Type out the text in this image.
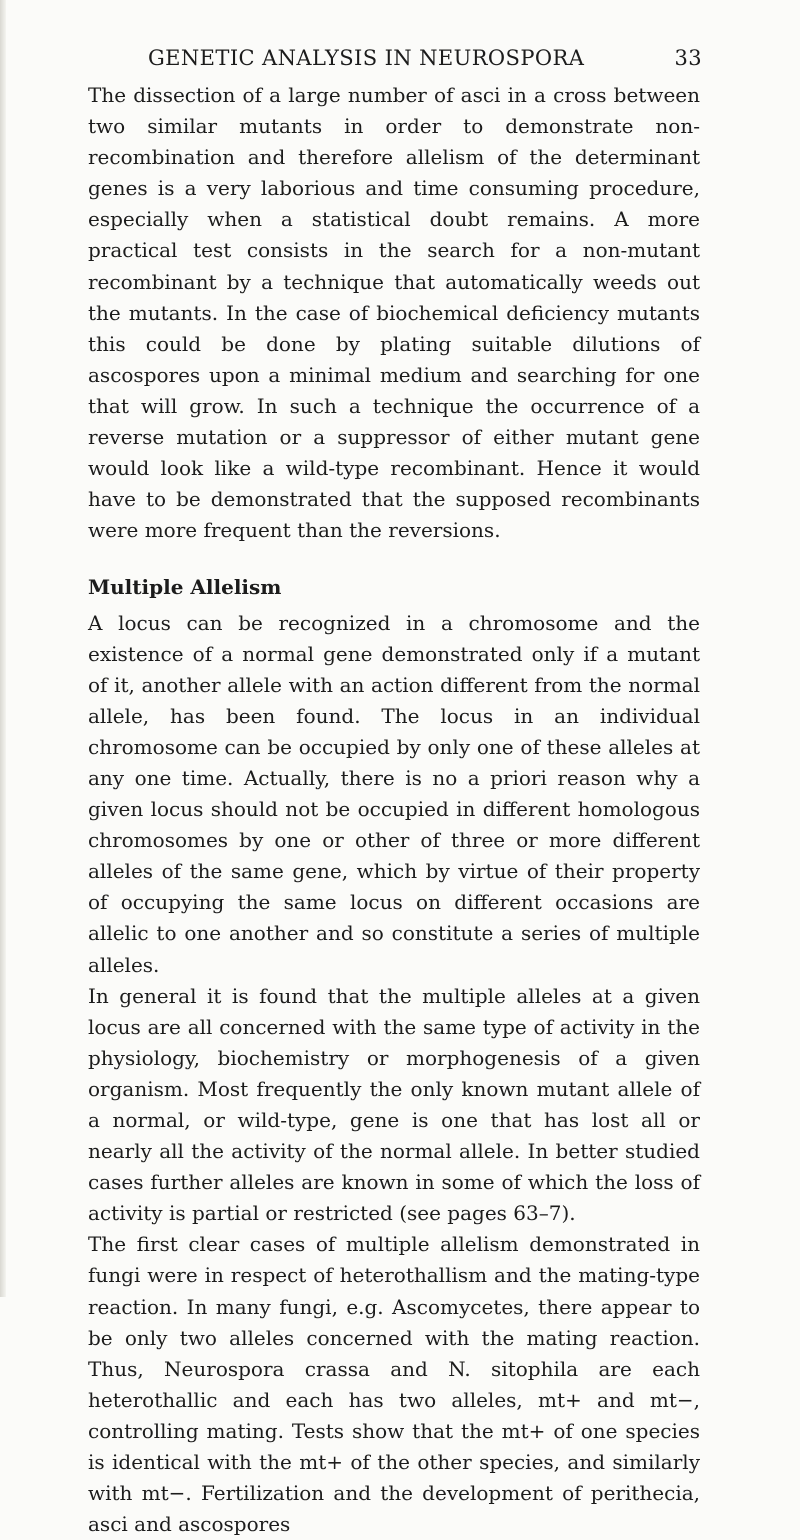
GENETIC ANALYSIS IN NEUROSPORA	33

The dissection of a large number of asci in a cross between two similar mutants in order to demonstrate non-recombination and therefore allelism of the determinant genes is a very laborious and time consuming procedure, especially when a statistical doubt remains. A more practical test consists in the search for a non-mutant recombinant by a technique that automatically weeds out the mutants. In the case of biochemical deficiency mutants this could be done by plating suitable dilutions of ascospores upon a minimal medium and searching for one that will grow. In such a technique the occurrence of a reverse mutation or a suppressor of either mutant gene would look like a wild-type recombinant. Hence it would have to be demonstrated that the supposed recombinants were more frequent than the reversions.

Multiple Allelism

A locus can be recognized in a chromosome and the existence of a normal gene demonstrated only if a mutant of it, another allele with an action different from the normal allele, has been found. The locus in an individual chromosome can be occupied by only one of these alleles at any one time. Actually, there is no a priori reason why a given locus should not be occupied in different homologous chromosomes by one or other of three or more different alleles of the same gene, which by virtue of their property of occupying the same locus on different occasions are allelic to one another and so constitute a series of multiple alleles.

In general it is found that the multiple alleles at a given locus are all concerned with the same type of activity in the physiology, biochemistry or morphogenesis of a given organism. Most frequently the only known mutant allele of a normal, or wild-type, gene is one that has lost all or nearly all the activity of the normal allele. In better studied cases further alleles are known in some of which the loss of activity is partial or restricted (see pages 63–7).

The first clear cases of multiple allelism demonstrated in fungi were in respect of heterothallism and the mating-type reaction. In many fungi, e.g. Ascomycetes, there appear to be only two alleles concerned with the mating reaction. Thus, Neurospora crassa and N. sitophila are each heterothallic and each has two alleles, mt+ and mt−, controlling mating. Tests show that the mt+ of one species is identical with the mt+ of the other species, and similarly with mt−. Fertilization and the development of perithecia, asci and ascospores
